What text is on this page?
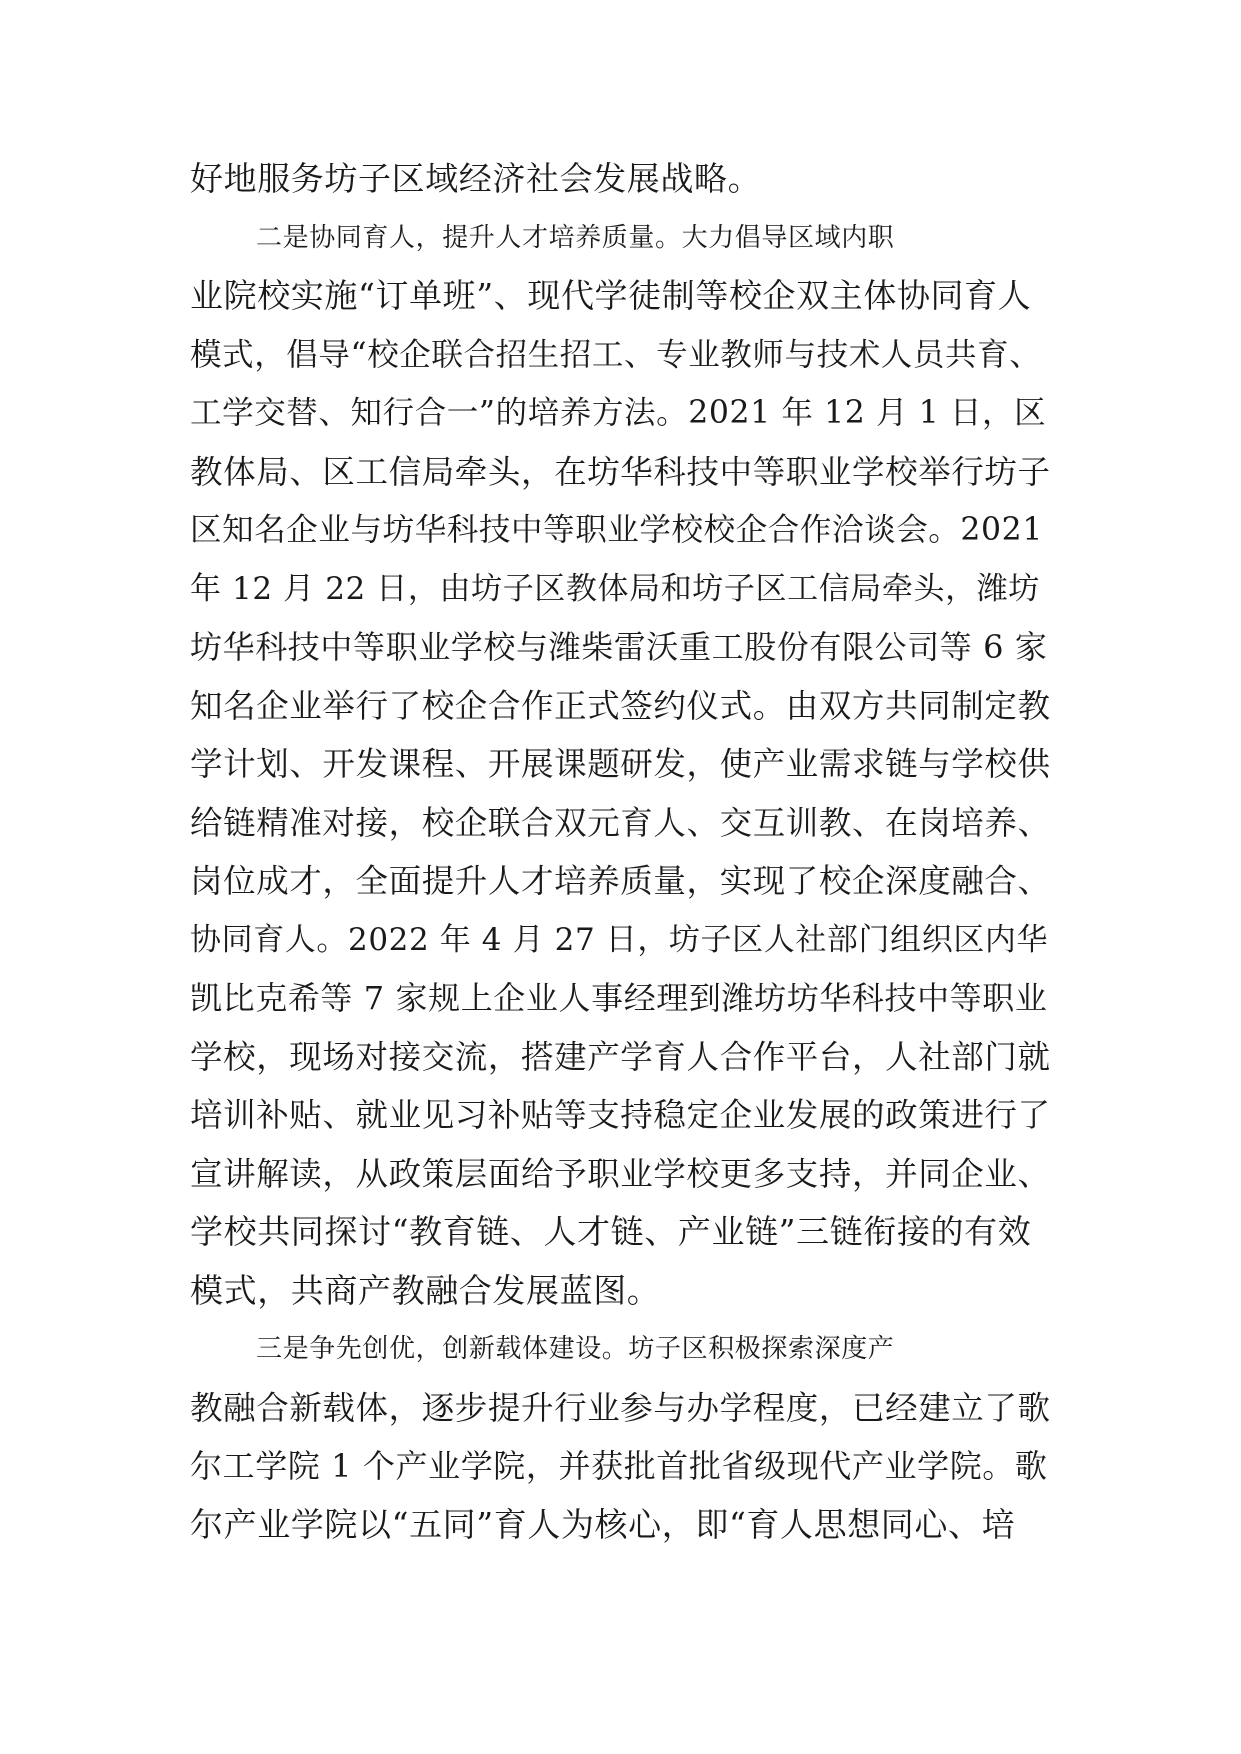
好地服务坊子区域经济社会发展战略。
二是协同育人，提升人才培养质量。大力倡导区域内职
业院校实施“订单班”、现代学徒制等校企双主体协同育人
模式，倡导“校企联合招生招工、专业教师与技术人员共育、
工学交替、知行合一”的培养方法。2021 年 12 月 1 日，区
教体局、区工信局牵头，在坊华科技中等职业学校举行坊子
区知名企业与坊华科技中等职业学校校企合作洽谈会。2021
年 12 月 22 日，由坊子区教体局和坊子区工信局牵头，潍坊
坊华科技中等职业学校与潍柴雷沃重工股份有限公司等 6 家
知名企业举行了校企合作正式签约仪式。由双方共同制定教
学计划、开发课程、开展课题研发，使产业需求链与学校供
给链精准对接，校企联合双元育人、交互训教、在岗培养、
岗位成才，全面提升人才培养质量，实现了校企深度融合、
协同育人。2022 年 4 月 27 日，坊子区人社部门组织区内华
凯比克希等 7 家规上企业人事经理到潍坊坊华科技中等职业
学校，现场对接交流，搭建产学育人合作平台，人社部门就
培训补贴、就业见习补贴等支持稳定企业发展的政策进行了
宣讲解读，从政策层面给予职业学校更多支持，并同企业、
学校共同探讨“教育链、人才链、产业链”三链衔接的有效
模式，共商产教融合发展蓝图。
三是争先创优，创新载体建设。坊子区积极探索深度产
教融合新载体，逐步提升行业参与办学程度，已经建立了歌
尔工学院 1 个产业学院，并获批首批省级现代产业学院。歌
尔产业学院以“五同”育人为核心，即“育人思想同心、培
